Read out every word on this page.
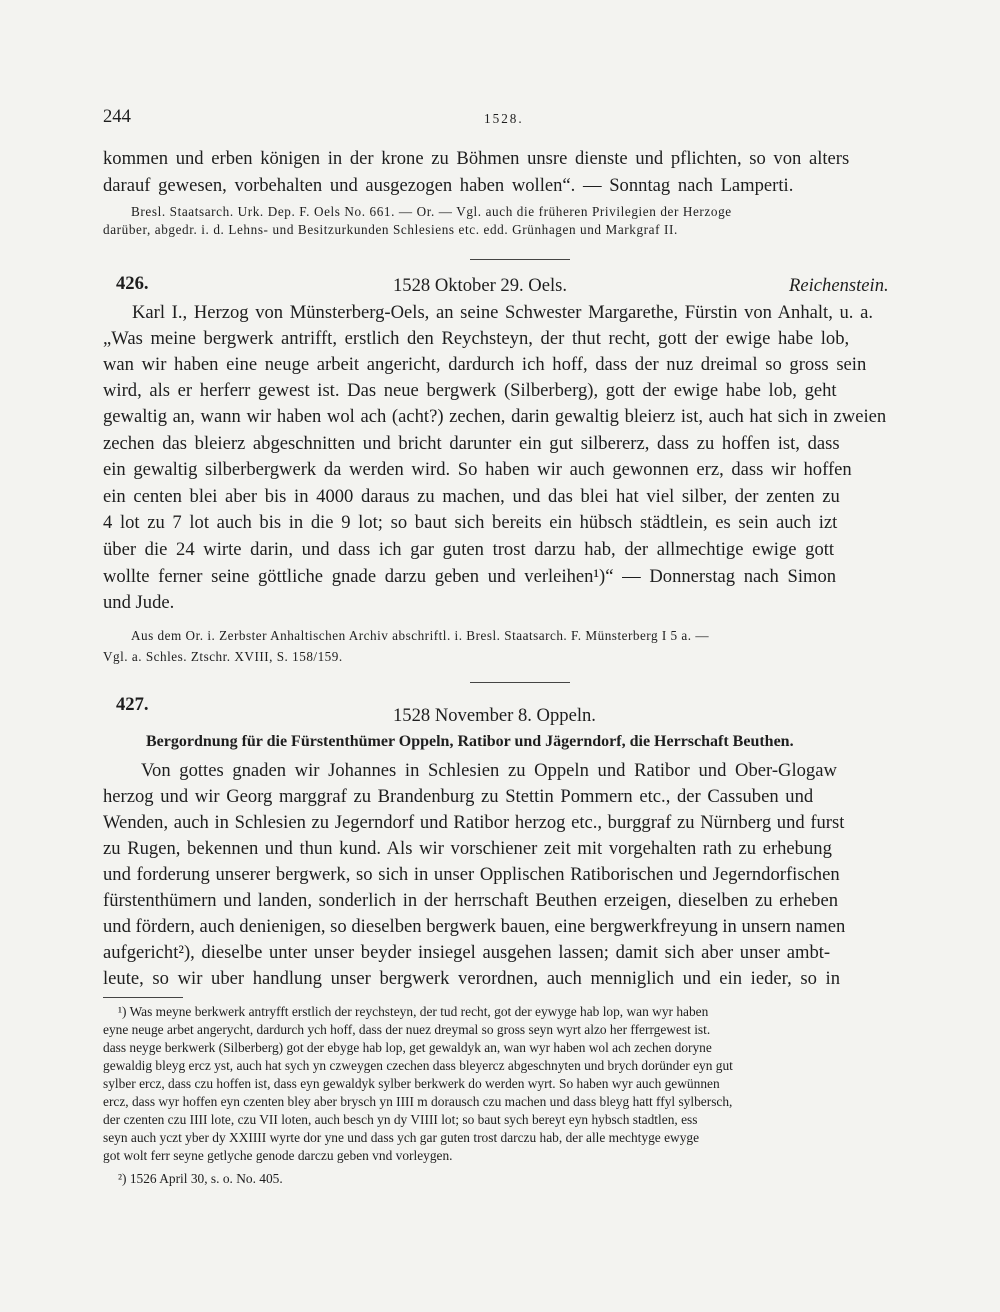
244	1528.
kommen und erben königen in der krone zu Böhmen unsre dienste und pflichten, so von alters
darauf gewesen, vorbehalten und ausgezogen haben wollen“. — Sonntag nach Lamperti.
Bresl. Staatsarch. Urk. Dep. F. Oels No. 661. — Or. — Vgl. auch die früheren Privilegien der Herzoge
darüber, abgedr. i. d. Lehns- und Besitzurkunden Schlesiens etc. edd. Grünhagen und Markgraf II.
426.	1528 Oktober 29. Oels.	Reichenstein.
Karl I., Herzog von Münsterberg-Oels, an seine Schwester Margarethe, Fürstin von Anhalt, u. a.
„Was meine bergwerk antrifft, erstlich den Reychsteyn, der thut recht, gott der ewige habe lob,
wan wir haben eine neuge arbeit angericht, dardurch ich hoff, dass der nuz dreimal so gross sein
wird, als er herferr gewest ist. Das neue bergwerk (Silberberg), gott der ewige habe lob, geht
gewaltig an, wann wir haben wol ach (acht?) zechen, darin gewaltig bleierz ist, auch hat sich in zweien
zechen das bleierz abgeschnitten und bricht darunter ein gut silbererz, dass zu hoffen ist, dass
ein gewaltig silberbergwerk da werden wird. So haben wir auch gewonnen erz, dass wir hoffen
ein centen blei aber bis in 4000 daraus zu machen, und das blei hat viel silber, der zenten zu
4 lot zu 7 lot auch bis in die 9 lot; so baut sich bereits ein hübsch städtlein, es sein auch izt
über die 24 wirte darin, und dass ich gar guten trost darzu hab, der allmechtige ewige gott
wollte ferner seine göttliche gnade darzu geben und verleihen¹)“ — Donnerstag nach Simon
und Jude.
Aus dem Or. i. Zerbster Anhaltischen Archiv abschriftl. i. Bresl. Staatsarch. F. Münsterberg I 5 a. —
Vgl. a. Schles. Ztschr. XVIII, S. 158/159.
427.
1528 November 8. Oppeln.
Bergordnung für die Fürstenthümer Oppeln, Ratibor und Jägerndorf, die Herrschaft Beuthen.
Von gottes gnaden wir Johannes in Schlesien zu Oppeln und Ratibor und Ober-Glogaw
herzog und wir Georg marggraf zu Brandenburg zu Stettin Pommern etc., der Cassuben und
Wenden, auch in Schlesien zu Jegerndorf und Ratibor herzog etc., burggraf zu Nürnberg und furst
zu Rugen, bekennen und thun kund. Als wir vorschiener zeit mit vorgehalten rath zu erhebung
und forderung unserer bergwerk, so sich in unser Opplischen Ratiborischen und Jegerndorfischen
fürstenthümern und landen, sonderlich in der herrschaft Beuthen erzeigen, dieselben zu erheben
und fördern, auch denienigen, so dieselben bergwerk bauen, eine bergwerkfreyung in unsern namen
aufgericht²), dieselbe unter unser beyder insiegel ausgehen lassen; damit sich aber unser ambt-
leute, so wir uber handlung unser bergwerk verordnen, auch menniglich und ein ieder, so in
¹) Was meyne berkwerk antryfft erstlich der reychsteyn, der tud recht, got der eywyge hab lop, wan wyr haben
eyne neuge arbet angerycht, dardurch ych hoff, dass der nuez dreymal so gross seyn wyrt alzo her fferrgewest ist.
dass neyge berkwerk (Silberberg) got der ebyge hab lop, get gewaldyk an, wan wyr haben wol ach zechen doryne
gewaldig bleyg ercz yst, auch hat sych yn czweygen czechen dass bleyercz abgeschnyten und brych doründer eyn gut
sylber ercz, dass czu hoffen ist, dass eyn gewaldyk sylber berkwerk do werden wyrt. So haben wyr auch gewünnen
ercz, dass wyr hoffen eyn czenten bley aber brysch yn IIII m dorausch czu machen und dass bleyg hatt ffyl sylbersch,
der czenten czu IIII lote, czu VII loten, auch besch yn dy VIIII lot; so baut sych bereyt eyn hybsch stadtlen, ess
seyn auch yczt yber dy XXIIII wyrte dor yne und dass ych gar guten trost darczu hab, der alle mechtyge ewyge
got wolt ferr seyne getlyche genode darczu geben vnd vorleygen.
²) 1526 April 30, s. o. No. 405.
